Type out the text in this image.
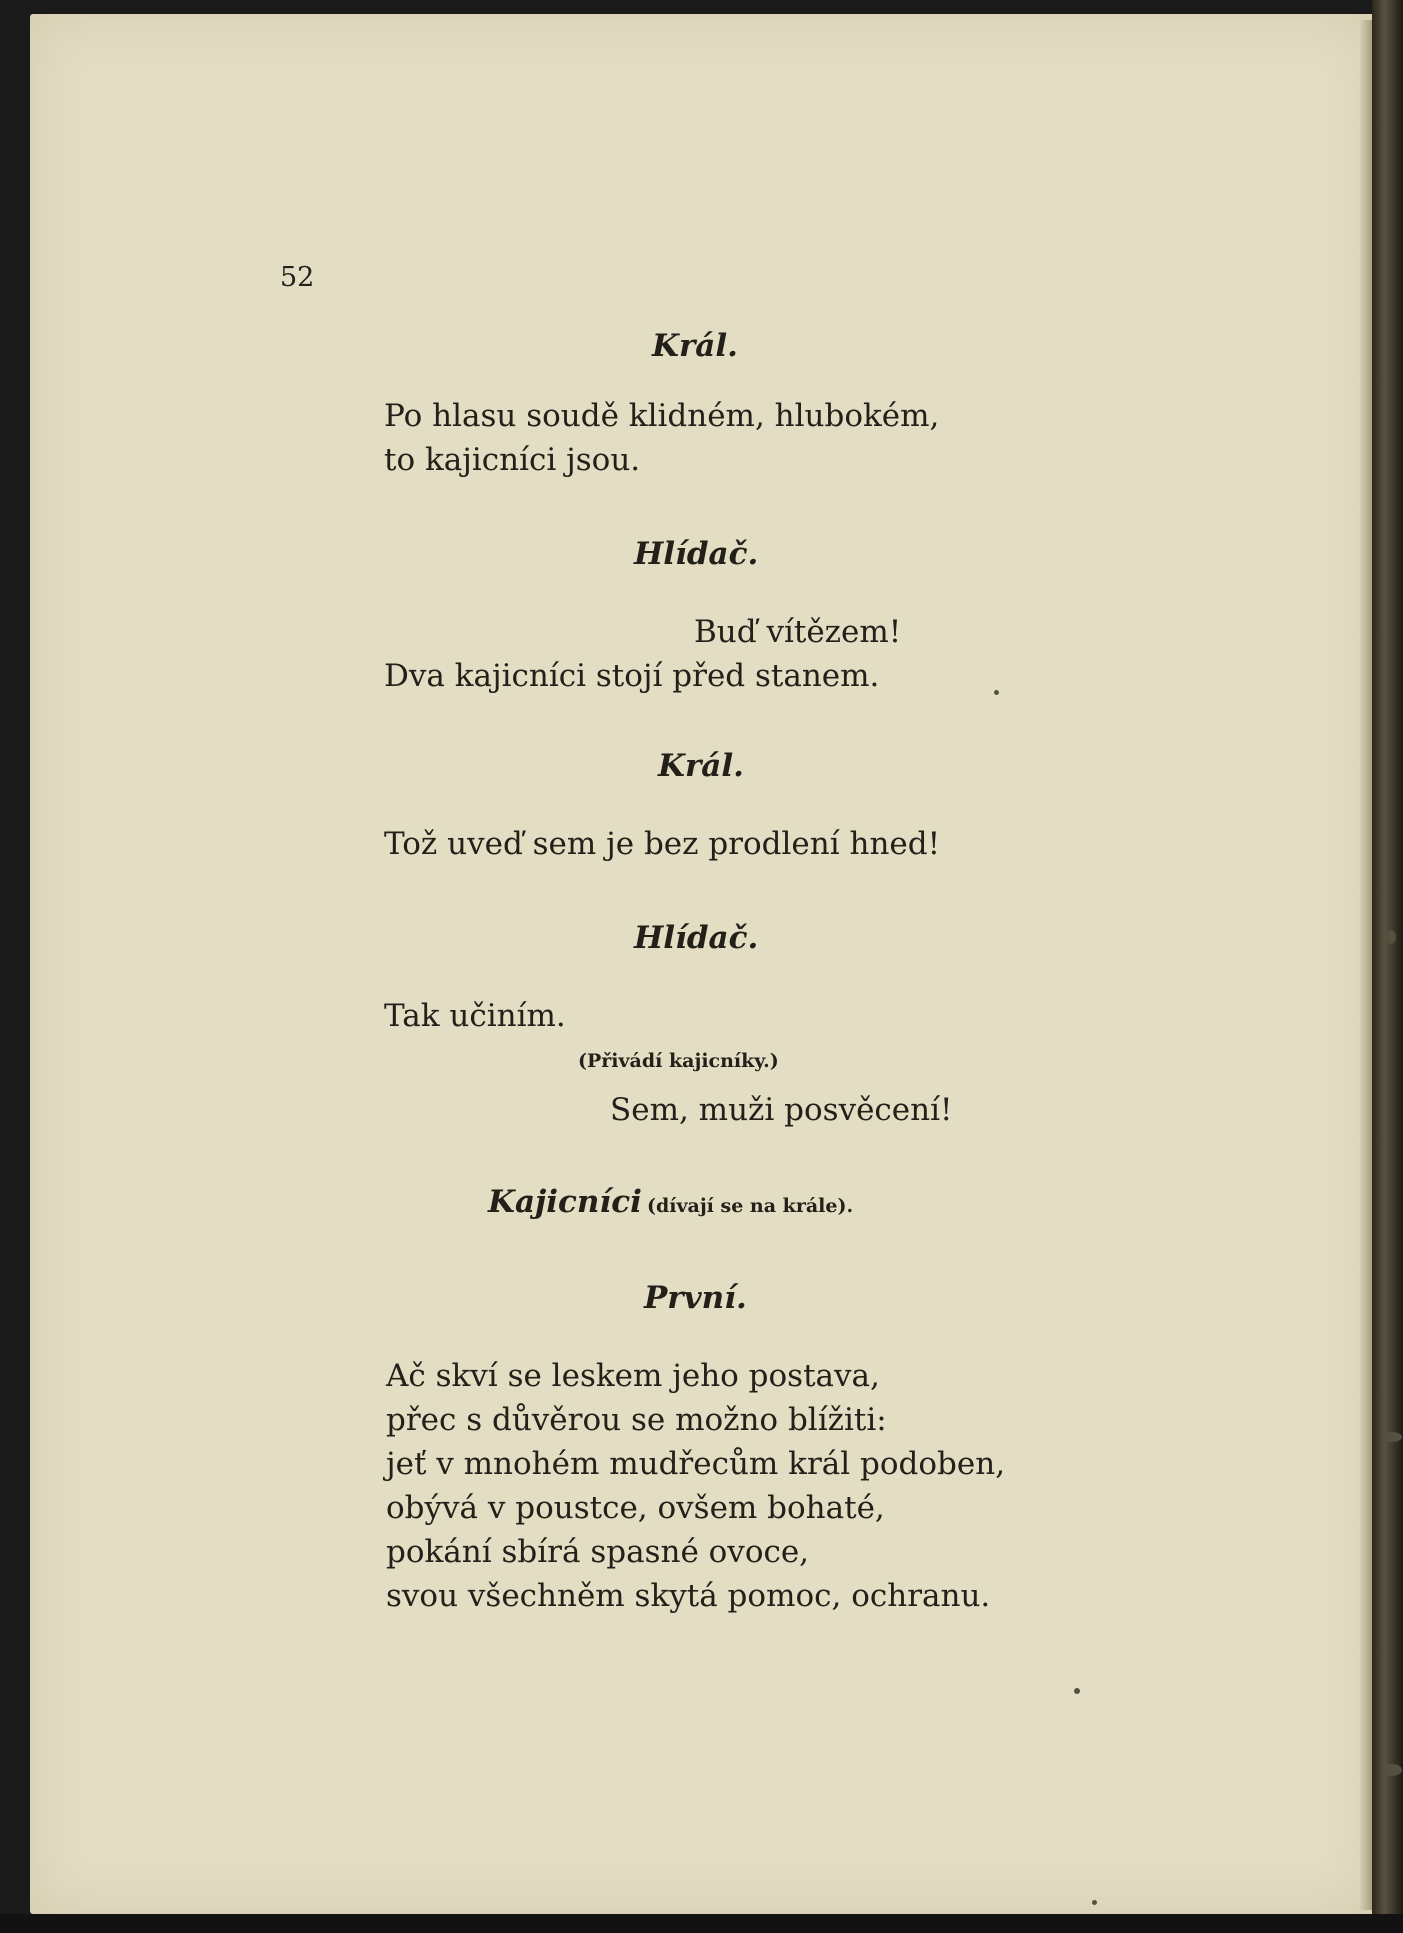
52
Král.
Po hlasu soudě klidném, hlubokém,
to kajicníci jsou.
Hlídač.
Buď vítězem!
Dva kajicníci stojí před stanem.
Král.
Tož uveď sem je bez prodlení hned!
Hlídač.
Tak učiním.
(Přivádí kajicníky.)
Sem, muži posvěcení!
Kajicníci (dívají se na krále).
První.
Ač skví se leskem jeho postava,
přec s důvěrou se možno blížiti:
jeť v mnohém mudřecům král podoben,
obývá v poustce, ovšem bohaté,
pokání sbírá spasné ovoce,
svou všechněm skytá pomoc, ochranu.
